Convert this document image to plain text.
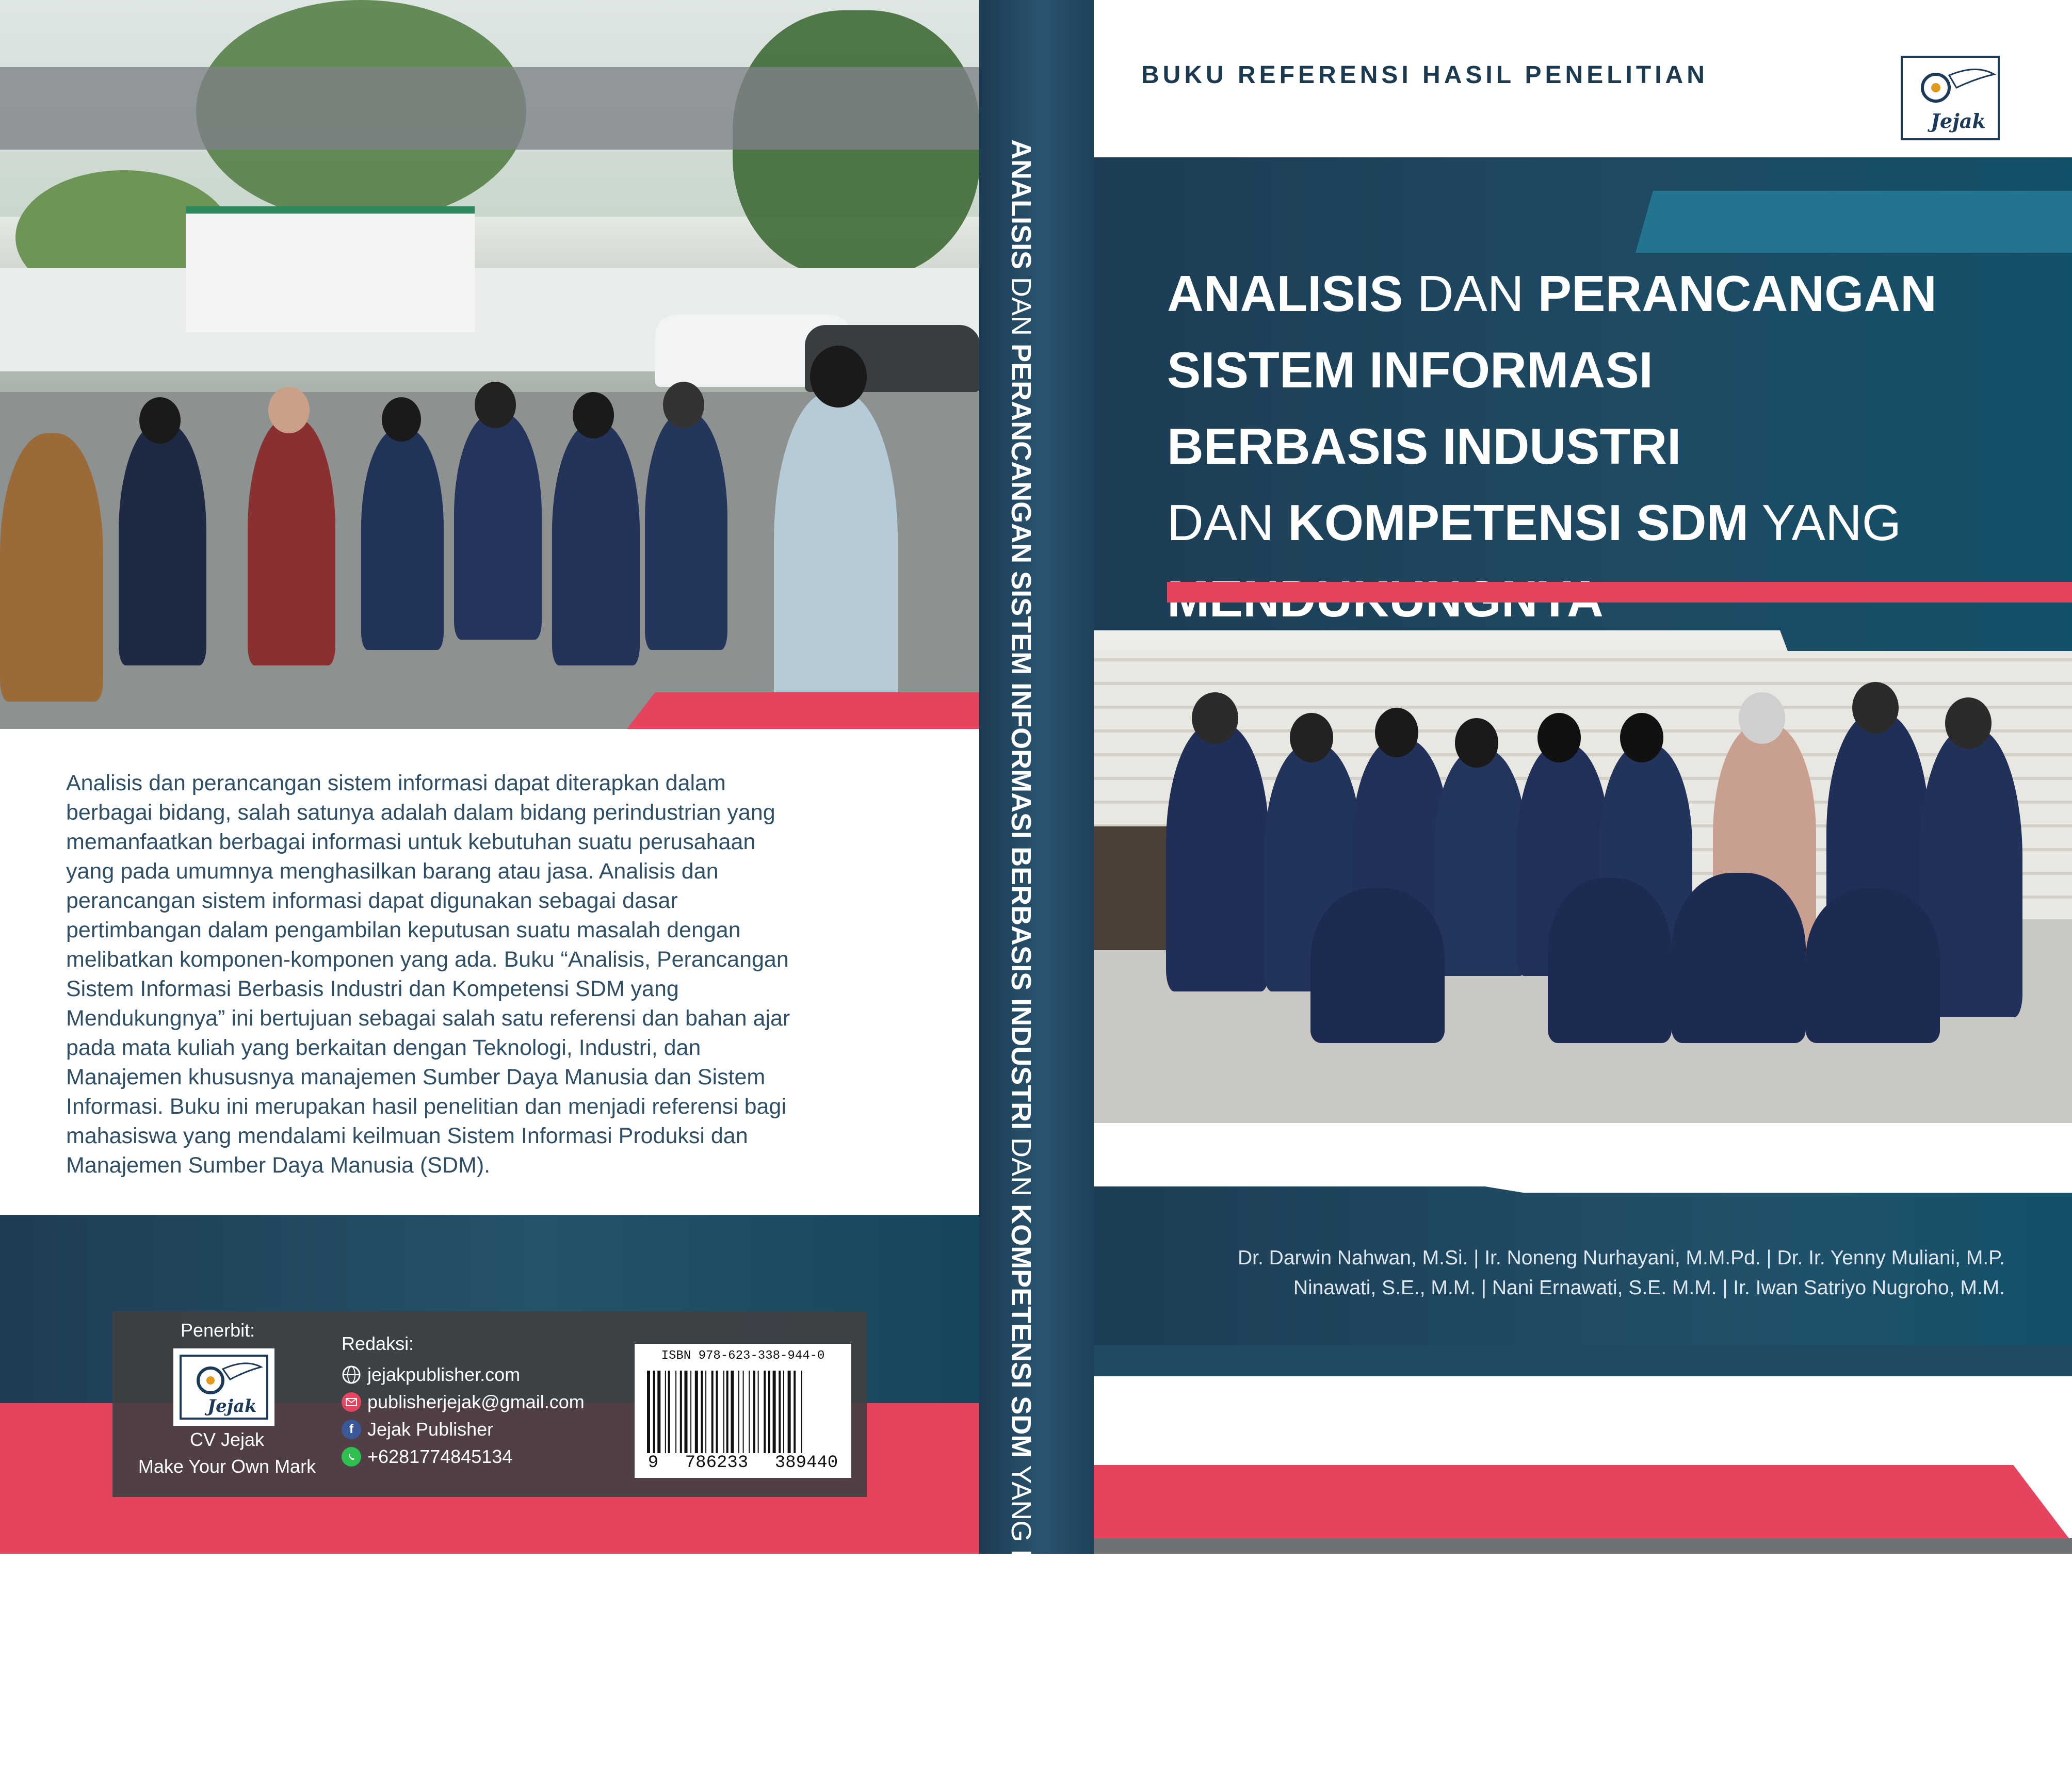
Analisis dan perancangan sistem informasi dapat diterapkan dalam

berbagai bidang, salah satunya adalah dalam bidang perindustrian yang

memanfaatkan berbagai informasi untuk kebutuhan suatu perusahaan

yang pada umumnya menghasilkan barang atau jasa. Analisis dan

perancangan sistem informasi dapat digunakan sebagai dasar

pertimbangan dalam pengambilan keputusan suatu masalah dengan

melibatkan komponen-komponen yang ada. Buku “Analisis, Perancangan

Sistem Informasi Berbasis Industri dan Kompetensi SDM yang

Mendukungnya” ini bertujuan sebagai salah satu referensi dan bahan ajar

pada mata kuliah yang berkaitan dengan Teknologi, Industri, dan

Manajemen khususnya manajemen Sumber Daya Manusia dan Sistem

Informasi. Buku ini merupakan hasil penelitian dan menjadi referensi bagi

mahasiswa yang mendalami keilmuan Sistem Informasi Produksi dan

Manajemen Sumber Daya Manusia (SDM).

Penerbit:
Jejak
CV Jejak
Make Your Own Mark
Redaksi:
jejakpublisher.com
publisherjejak@gmail.com
f Jejak Publisher
+6281774845134
ISBN 978-623-338-944-0
9 786233 389440
ANALISIS DAN PERANCANGAN SISTEM INFORMASI BERBASIS INDUSTRI DAN KOMPETENSI SDM YANG MENDUKUNGNYA
BUKU REFERENSI HASIL PENELITIAN
Jejak
ANALISIS DAN PERANCANGAN
SISTEM INFORMASI
BERBASIS INDUSTRI
DAN KOMPETENSI SDM YANG
Dr. Darwin Nahwan, M.Si. | Ir. Noneng Nurhayani, M.M.Pd. | Dr. Ir. Yenny Muliani, M.P.
Ninawati, S.E., M.M. | Nani Ernawati, S.E. M.M. | Ir. Iwan Satriyo Nugroho, M.M.
